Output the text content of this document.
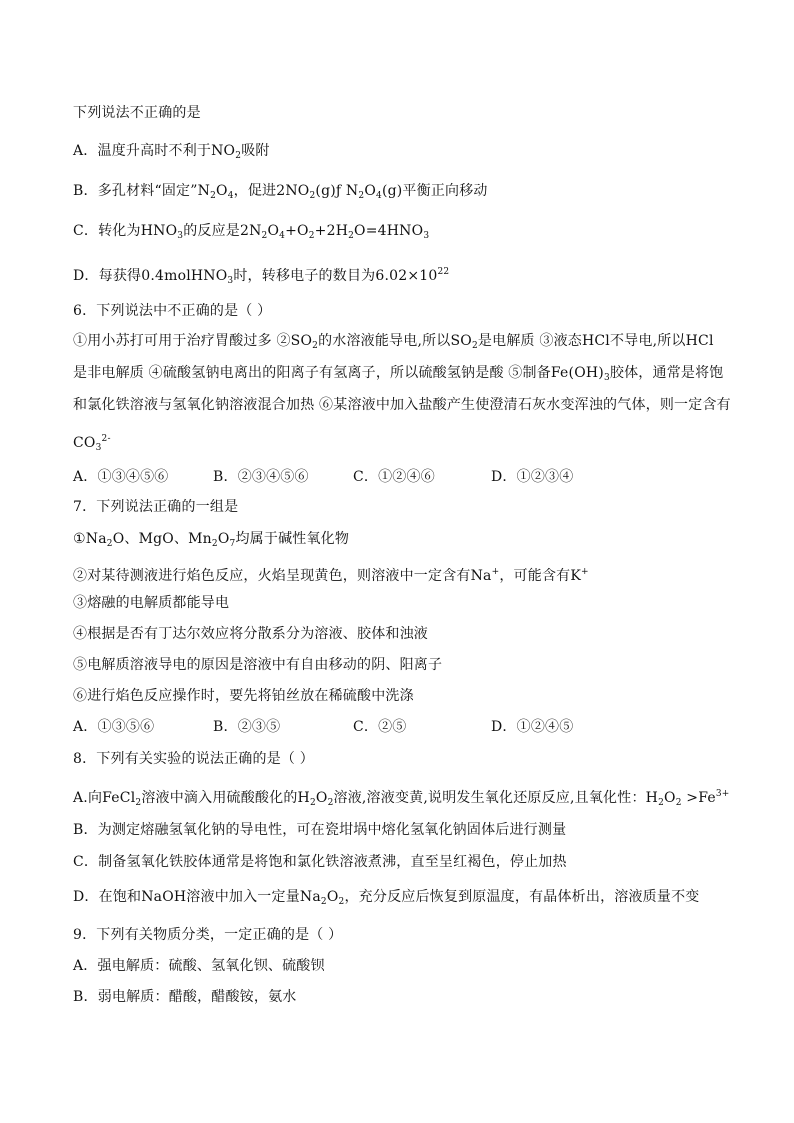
下列说法不正确的是
A．温度升高时不利于$NO_2$吸附
B．多孔材料“固定$”N_2O_4$，促进$2NO_2(g)ƒ$ $N_2O_4(g)$平衡正向移动
C．转化为$HNO_3$的反应是$2N_2O_4+O_2+2H_2O=4HNO_3$
D．每获得0.4molHNO$_3$时，转移电子的数目为$6.02\times 10^{22}$
6．下列说法中不正确的是（ ）
①用小苏打可用于治疗胃酸过多 $②SO_2$的水溶液能导电,所以$SO_2$是电解质 ③液态HCl不导电,所以HCl
是非电解质 ④硫酸氢钠电离出的阳离子有氢离子，所以硫酸氢钠是酸 ⑤制备$Fe(OH)_3$胶体，通常是将饱
和氯化铁溶液与氢氧化钠溶液混合加热 ⑥某溶液中加入盐酸产生使澄清石灰水变浑浊的气体，则一定含有
$CO_3^{2-}$
A．①③④⑤⑥	B．②③④⑤⑥	C．①②④⑥	D．①②③④
7．下列说法正确的一组是
$①Na_2O$、MgO、$Mn_2O_7$均属于碱性氧化物
②对某待测液进行焰色反应，火焰呈现黄色，则溶液中一定含有Na+，可能含有K+
③熔融的电解质都能导电
④根据是否有丁达尔效应将分散系分为溶液、胶体和浊液
⑤电解质溶液导电的原因是溶液中有自由移动的阴、阳离子
⑥进行焰色反应操作时，要先将铂丝放在稀硫酸中洗涤
A．①③⑤⑥	B．②③⑤	C．②⑤	D．①②④⑤
8．下列有关实验的说法正确的是（ ）
A.向FeCl$_2$溶液中滴入用硫酸酸化的$H_2O_2$溶液,溶液变黄,说明发生氧化还原反应,且氧化性：$H_2O_2 >Fe^{3+}$
B．为测定熔融氢氧化钠的导电性，可在瓷坩埚中熔化氢氧化钠固体后进行测量
C．制备氢氧化铁胶体通常是将饱和氯化铁溶液煮沸，直至呈红褐色，停止加热
D．在饱和NaOH溶液中加入一定量$Na_2O_2$，充分反应后恢复到原温度，有晶体析出，溶液质量不变
9．下列有关物质分类，一定正确的是（ ）
A．强电解质：硫酸、氢氧化钡、硫酸钡
B．弱电解质：醋酸，醋酸铵，氨水
